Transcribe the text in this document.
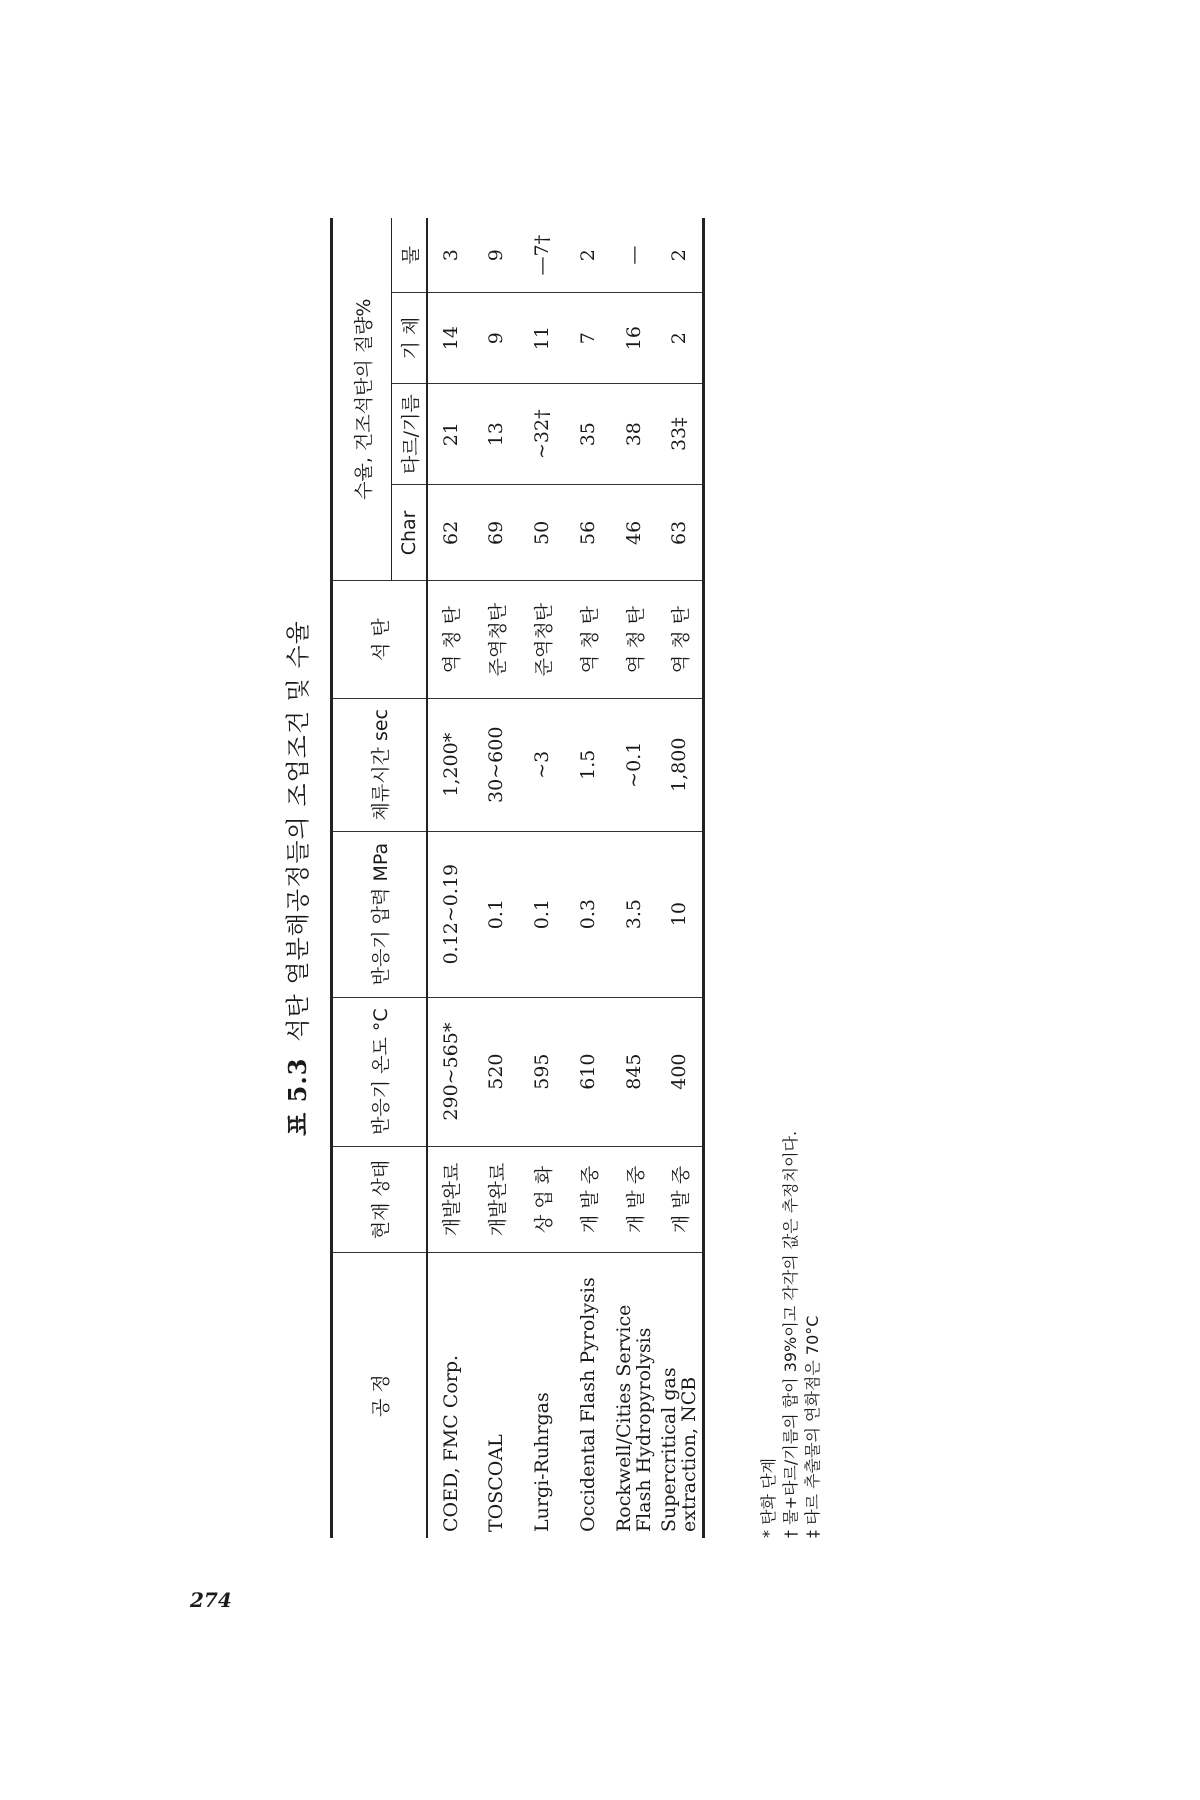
274
표 5.3석탄 열분해공정들의 조업조건 및 수율
공 정	현재 상태	반응기 온도 °C	반응기 압력 MPa	체류시간 sec	석 탄	수율, 건조석탄의 질량%			
						Char	타르/기름	기 체	물
COED, FMC Corp.	개발완료	290~565*	0.12~0.19	1,200*	역 청 탄	62	21	14	3
TOSCOAL	개발완료	520	0.1	30~600	준역청탄	69	13	9	9
Lurgi-Ruhrgas	상 업 화	595	0.1	~3	준역청탄	50	~32†	11	—7†
Occidental Flash Pyrolysis	개 발 중	610	0.3	1.5	역 청 탄	56	35	7	2
Rockwell/Cities Service Flash Hydropyrolysis	개 발 중	845	3.5	~0.1	역 청 탄	46	38	16	—
Supercritical gas extraction, NCB	개 발 중	400	10	1,800	역 청 탄	63	33‡	2	2
* 탄화 단계 † 물+타르/기름의 합이 39%이고 각각의 값은 추정치이다. ‡ 타르 추출물의 연화점은 70°C
